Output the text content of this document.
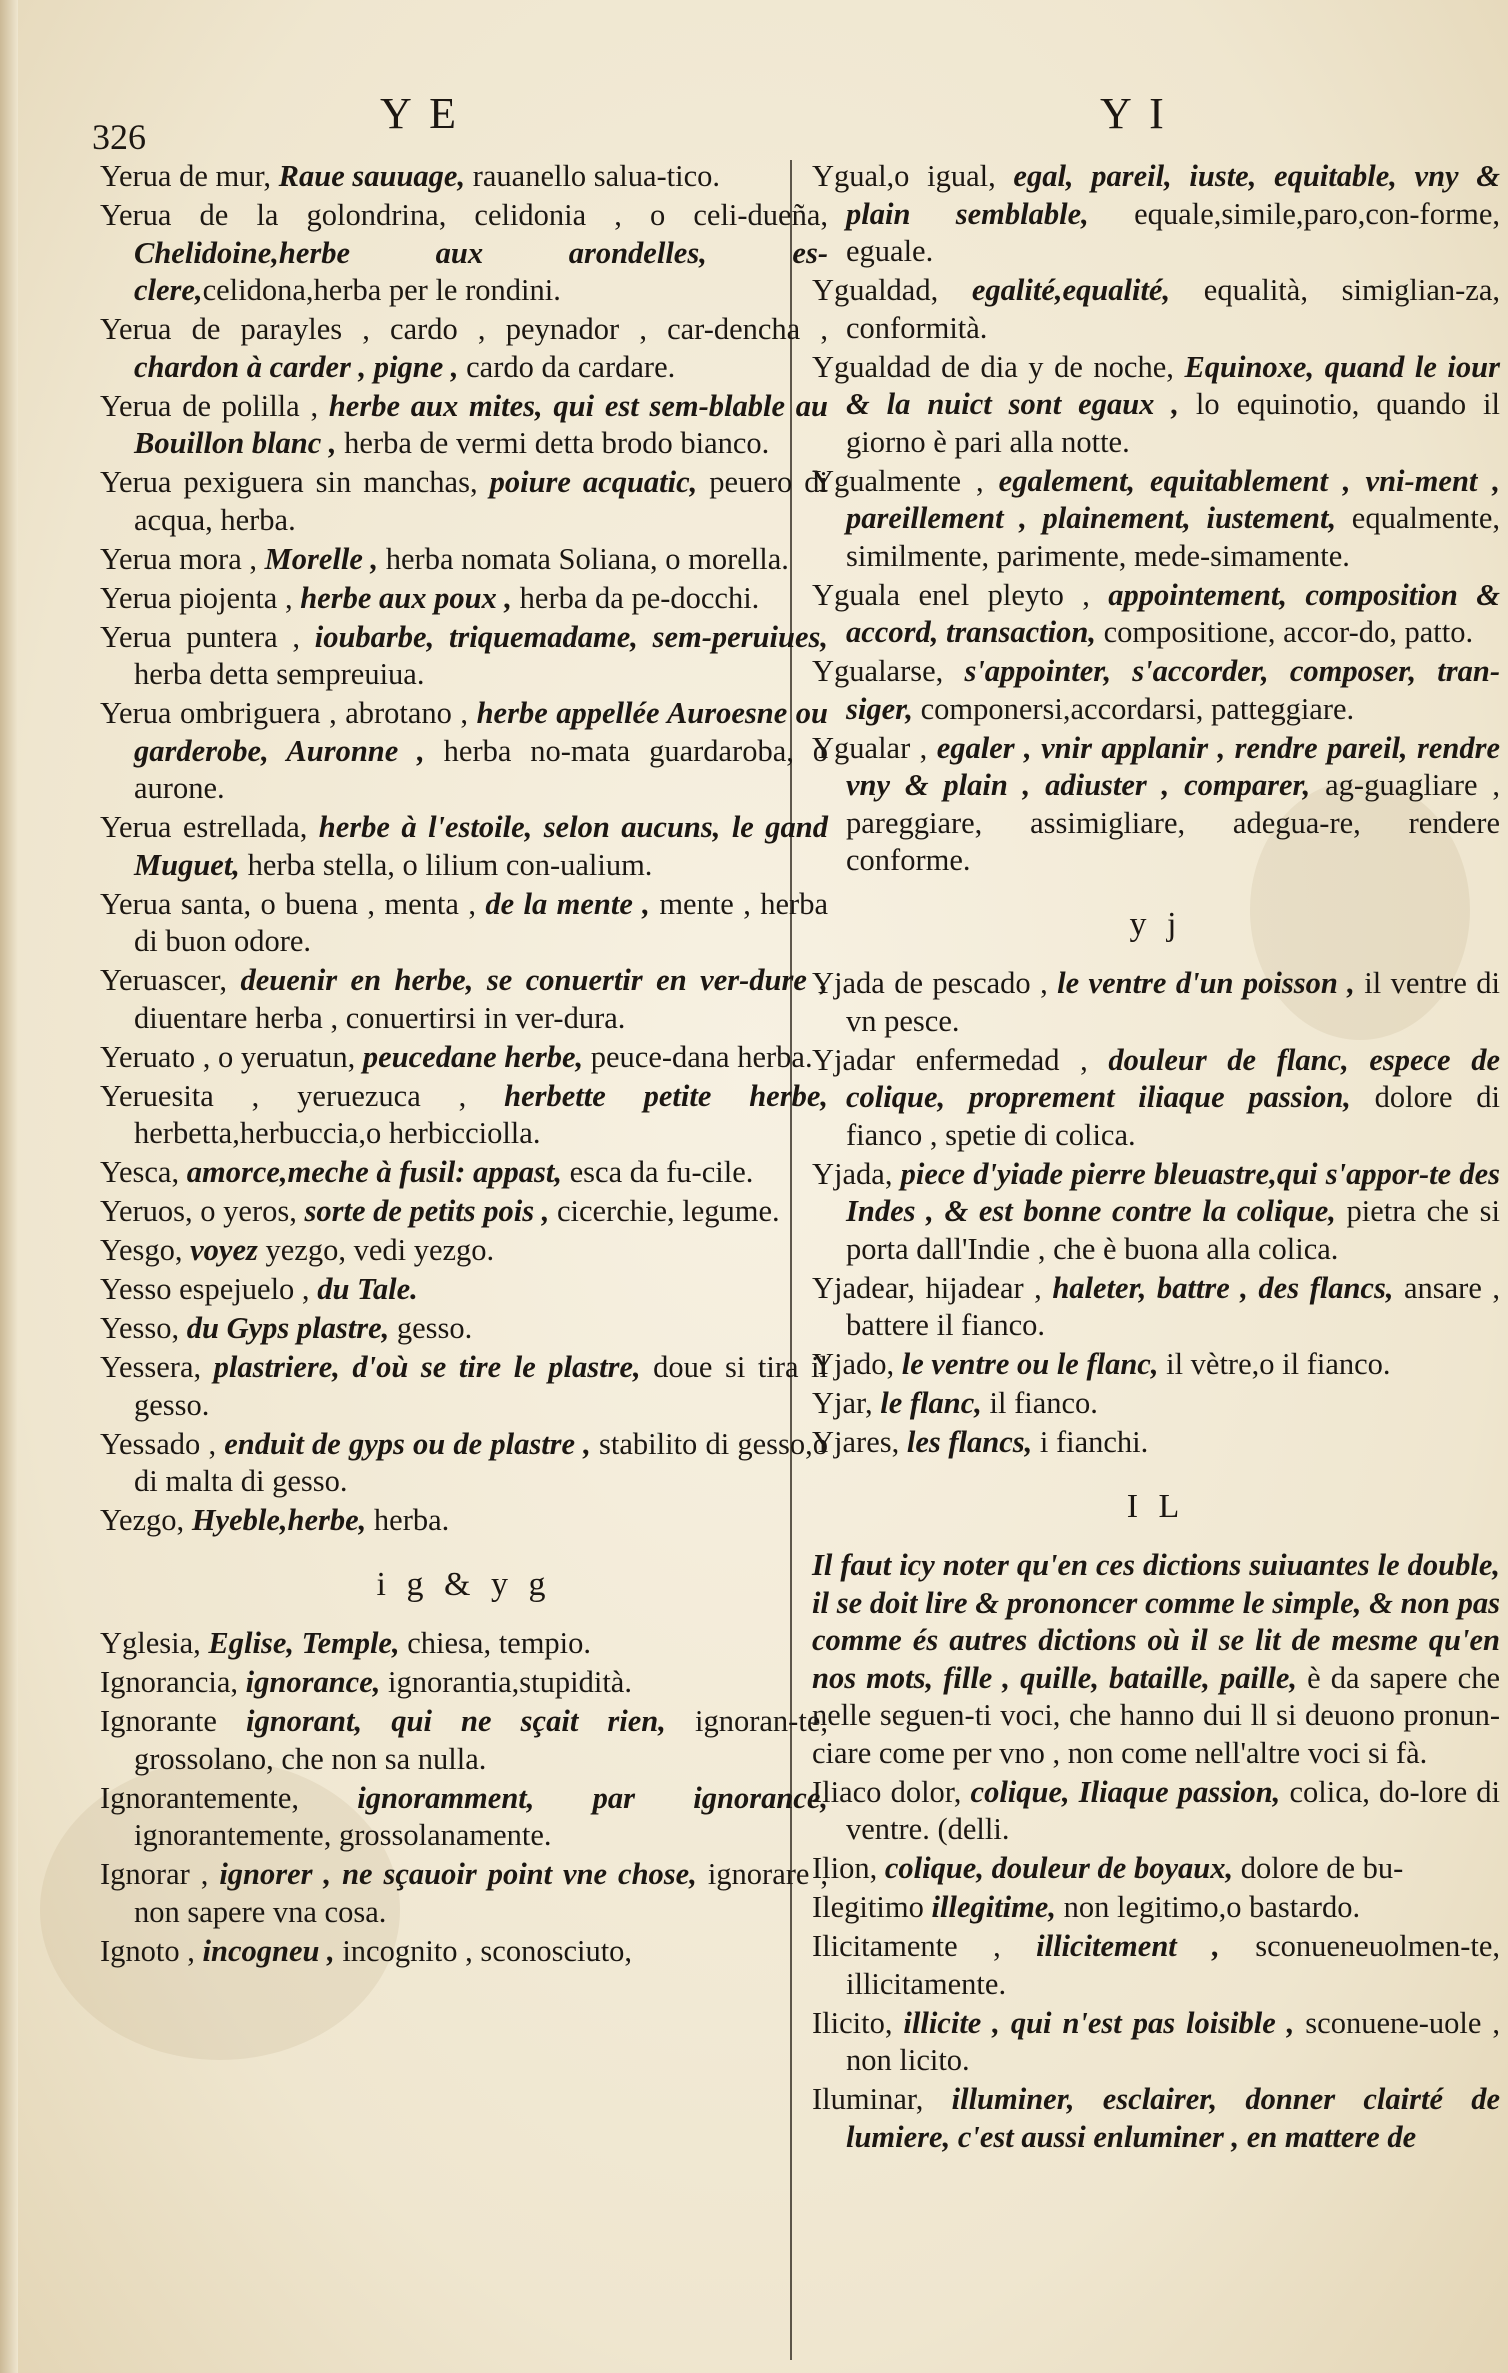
326	Y E	Y I

Yerua de mur, Raue sauuage, rauanello salua-tico.

Yerua de la golondrina, celidonia , o celi-dueña, Chelidoine,herbe aux arondelles, es-clere,celidona,herba per le rondini.

Yerua de parayles , cardo , peynador , car-dencha , chardon à carder , pigne , cardo da cardare.

Yerua de polilla , herbe aux mites, qui est sem-blable au Bouillon blanc , herba de vermi detta brodo bianco.

Yerua pexiguera sin manchas, poiure acquatic, peuero di acqua, herba.

Yerua mora , Morelle , herba nomata Soliana, o morella.

Yerua piojenta , herbe aux poux , herba da pe-docchi.

Yerua puntera , ioubarbe, triquemadame, sem-peruiues, herba detta sempreuiua.

Yerua ombriguera , abrotano , herbe appellée Auroesne ou garderobe, Auronne , herba no-mata guardaroba, o aurone.

Yerua estrellada, herbe à l'estoile, selon aucuns, le gand Muguet, herba stella, o lilium con-ualium.

Yerua santa, o buena , menta , de la mente , mente , herba di buon odore.

Yeruascer, deuenir en herbe, se conuertir en ver-dure , diuentare herba , conuertirsi in ver-dura.

Yeruato , o yeruatun, peucedane herbe, peuce-dana herba.

Yeruesita , yeruezuca , herbette petite herbe, herbetta,herbuccia,o herbicciolla.

Yesca, amorce,meche à fusil: appast, esca da fu-cile.

Yeruos, o yeros, sorte de petits pois , cicerchie, legume.

Yesgo, voyez yezgo, vedi yezgo.

Yesso espejuelo , du Tale.

Yesso, du Gyps plastre, gesso.

Yessera, plastriere, d'où se tire le plastre, doue si tira il gesso.

Yessado , enduit de gyps ou de plastre , stabilito di gesso,o di malta di gesso.

Yezgo, Hyeble,herbe, herba.

i g & y g

Yglesia, Eglise, Temple, chiesa, tempio.

Ignorancia, ignorance, ignorantia,stupidità.

Ignorante ignorant, qui ne sçait rien, ignoran-te, grossolano, che non sa nulla.

Ignorantemente, ignoramment, par ignorance, ignorantemente, grossolanamente.

Ignorar , ignorer , ne sçauoir point vne chose, ignorare , non sapere vna cosa.

Ignoto , incogneu , incognito , sconosciuto,

Ygual,o igual, egal, pareil, iuste, equitable, vny & plain semblable, equale,simile,paro,con-forme, eguale.

Ygualdad, egalité,equalité, equalità, simiglian-za, conformità.

Ygualdad de dia y de noche, Equinoxe, quand le iour & la nuict sont egaux , lo equinotio, quando il giorno è pari alla notte.

Ygualmente , egalement, equitablement , vni-ment , pareillement , plainement, iustement, equalmente, similmente, parimente, mede-simamente.

Yguala enel pleyto , appointement, composition & accord, transaction, compositione, accor-do, patto.

Ygualarse, s'appointer, s'accorder, composer, tran-siger, componersi,accordarsi, patteggiare.

Ygualar , egaler , vnir applanir , rendre pareil, rendre vny & plain , adiuster , comparer, ag-guagliare , pareggiare, assimigliare, adegua-re, rendere conforme.

y j

Yjada de pescado , le ventre d'un poisson , il ventre di vn pesce.

Yjadar enfermedad , douleur de flanc, espece de colique, proprement iliaque passion, dolore di fianco , spetie di colica.

Yjada, piece d'yiade pierre bleuastre,qui s'appor-te des Indes , & est bonne contre la colique, pietra che si porta dall'Indie , che è buona alla colica.

Yjadear, hijadear , haleter, battre , des flancs, ansare , battere il fianco.

Yjado, le ventre ou le flanc, il vètre,o il fianco.

Yjar, le flanc, il fianco.

Yjares, les flancs, i fianchi.

I L

Il faut icy noter qu'en ces dictions suiuantes le double, il se doit lire & prononcer comme le simple, & non pas comme és autres dictions où il se lit de mesme qu'en nos mots, fille , quille, bataille, paille, è da sapere che nelle seguen-ti voci, che hanno dui ll si deuono pronun-ciare come per vno , non come nell'altre voci si fà.

Iliaco dolor, colique, Iliaque passion, colica, do-lore di ventre. (delli.

Ilion, colique, douleur de boyaux, dolore de bu-

Ilegitimo illegitime, non legitimo,o bastardo.

Ilicitamente , illicitement , sconueneuolmen-te, illicitamente.

Ilicito, illicite , qui n'est pas loisible , sconuene-uole , non licito.

Iluminar, illuminer, esclairer, donner clairté de lumiere, c'est aussi enluminer , en mattere de
